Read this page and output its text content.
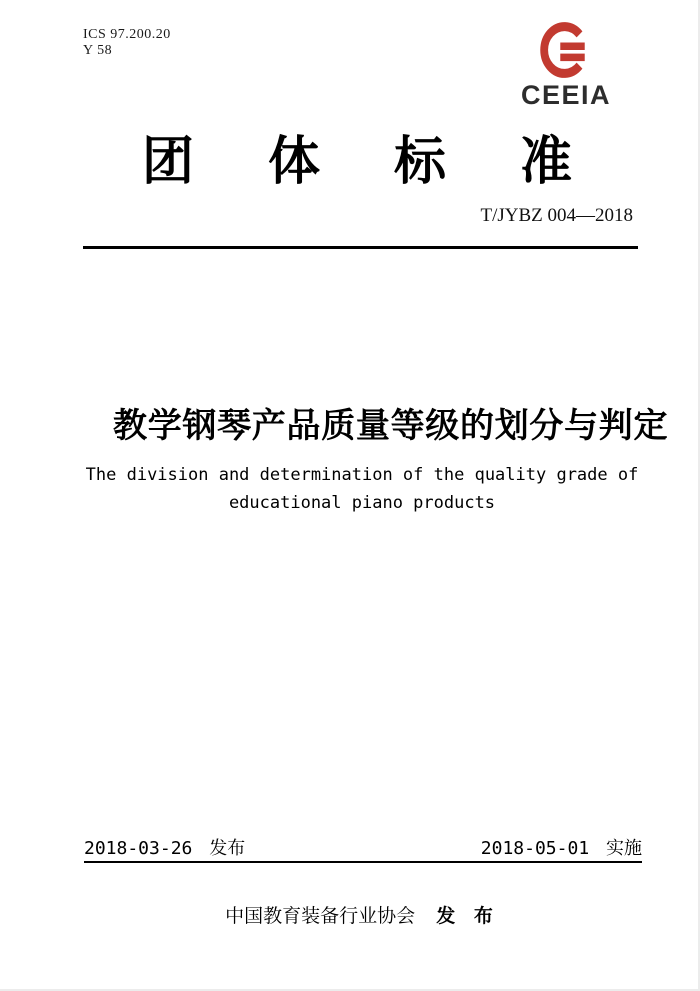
ICS 97.200.20
Y 58
CEEIA
团 体 标 准
T/JYBZ 004—2018
教学钢琴产品质量等级的划分与判定
The division and determination of the quality grade of
educational piano products
2018-03-26 发布	2018-05-01 实施
中国教育装备行业协会 发 布
